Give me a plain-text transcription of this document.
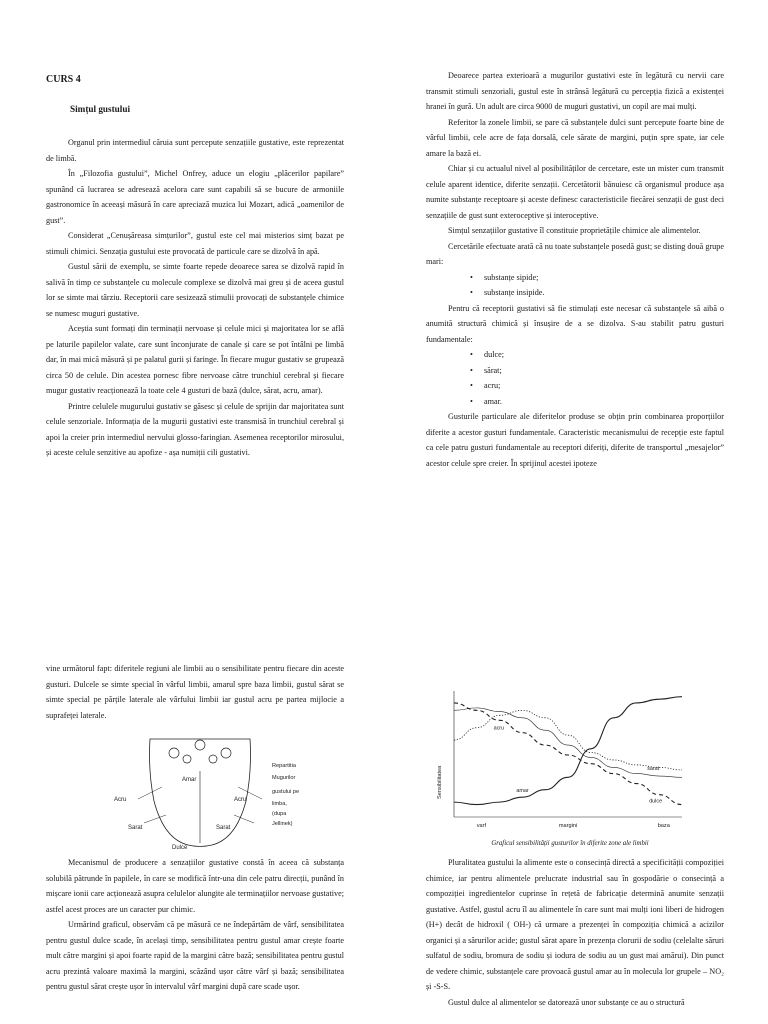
CURS 4
Simțul gustului

Organul prin intermediul căruia sunt percepute senzațiile gustative, este reprezentat de limbă.

În „Filozofia gustului”, Michel Onfrey, aduce un elogiu „plăcerilor papilare” spunând că lucrarea se adresează acelora care sunt capabili să se bucure de armoniile gastronomice în aceeași măsură în care apreciază muzica lui Mozart, adică „oamenilor de gust”.

Considerat „Cenușăreasa simțurilor”, gustul este cel mai misterios simț bazat pe stimuli chimici. Senzația gustului este provocată de particule care se dizolvă în apă.

Gustul sării de exemplu, se simte foarte repede deoarece sarea se dizolvă rapid în salivă în timp ce substanțele cu molecule complexe se dizolvă mai greu și de aceea gustul lor se simte mai târziu. Receptorii care sesizează stimulii provocați de substanțele chimice se numesc muguri gustative.

Aceștia sunt formați din terminații nervoase și celule mici și majoritatea lor se află pe laturile papilelor valate, care sunt înconjurate de canale și care se pot întâlni pe limbă dar, în mai mică măsură și pe palatul gurii și faringe. În fiecare mugur gustativ se grupează circa 50 de celule. Din acestea pornesc fibre nervoase către trunchiul cerebral și fiecare mugur gustativ reacționează la toate cele 4 gusturi de bază (dulce, sărat, acru, amar).

Printre celulele mugurului gustativ se găsesc și celule de sprijin dar majoritatea sunt celule senzoriale. Informația de la mugurii gustativi este transmisă în trunchiul cerebral și apoi la creier prin intermediul nervului glosso-faringian. Asemenea receptorilor mirosului, și aceste celule senzitive au apofize - așa numiții cili gustativi.

Deoarece partea exterioară a mugurilor gustativi este în legătură cu nervii care transmit stimuli senzoriali, gustul este în strânsă legătură cu percepția fizică a existenței hranei în gură. Un adult are circa 9000 de muguri gustativi, un copil are mai mulți.

Referitor la zonele limbii, se pare că substanțele dulci sunt percepute foarte bine de vârful limbii, cele acre de fața dorsală, cele sărate de margini, puțin spre spate, iar cele amare la bază ei.

Chiar și cu actualul nivel al posibilităților de cercetare, este un mister cum transmit celule aparent identice, diferite senzații. Cercetătorii bănuiesc că organismul produce așa numite substanțe receptoare și aceste definesc caracteristicile fiecărei senzații de gust deci senzațiile de gust sunt exteroceptive și interoceptive.

Simțul senzațiilor gustative îl constituie proprietățile chimice ale alimentelor.

Cercetările efectuate arată că nu toate substanțele posedă gust; se disting două grupe mari:

• substanțe sipide;
• substanțe insipide.

Pentru că receptorii gustativi să fie stimulați este necesar că substanțele să aibă o anumită structură chimică și însușire de a se dizolva. S-au stabilit patru gusturi fundamentale:

• dulce;
• sărat;
• acru;
• amar.

Gusturile particulare ale diferitelor produse se obțin prin combinarea proporțiilor diferite a acestor gusturi fundamentale. Caracteristic mecanismului de recepție este faptul ca cele patru gusturi fundamentale au receptori diferiți, diferite de transportul „mesajelor” acestor celule spre creier. În sprijinul acestei ipoteze

vine următorul fapt: diferitele regiuni ale limbii au o sensibilitate pentru fiecare din aceste gusturi. Dulcele se simte special în vârful limbii, amarul spre baza limbii, gustul sărat se simte special pe părțile laterale ale vârfului limbii iar gustul acru pe partea mijlocie a suprafeței laterale.

Amar
Acru	Acru
Sarat	Sarat
Dulce
Repartitia
Mugurilor
gustului pe
limba,
(dupa
Jellinek)

Mecanismul de producere a senzațiilor gustative constă în aceea că substanța solubilă pătrunde în papilele, în care se modifică într-una din cele patru direcții, punând în mișcare ionii care acționează asupra celulelor alungite ale terminațiilor nervoase gustative; astfel acest proces are un caracter pur chimic.

Urmărind graficul, observăm că pe măsură ce ne îndepărtăm de vârf, sensibilitatea pentru gustul dulce scade, în același timp, sensibilitatea pentru gustul amar crește foarte mult către margini și apoi foarte rapid de la margini către bază; sensibilitatea pentru gustul acru prezintă valoare maximă la margini, scăzând ușor către vârf și bază; sensibilitatea pentru gustul sărat crește ușor în intervalul vârf margini după care scade ușor.

Sensibilitatea	amar
dulce
acru
sarat
varf	margini	baza
Graficul sensibilității gusturilor în diferite zone ale limbii

Pluralitatea gustului la alimente este o consecință directă a specificității compoziției chimice, iar pentru alimentele prelucrate industrial sau în gospodărie o consecință a compoziției ingredientelor cuprinse în rețetă de fabricație determină anumite senzații gustative. Astfel, gustul acru îl au alimentele în care sunt mai mulți ioni liberi de hidrogen (H+) decât de hidroxil ( OH-) că urmare a prezenței în compoziția chimică a acizilor organici și a sărurilor acide; gustul sărat apare în prezența clorurii de sodiu (celelalte săruri sulfatul de sodiu, bromura de sodiu și iodura de sodiu au un gust mai amărui). Din punct de vedere chimic, substanțele care provoacă gustul amar au în molecula lor grupele – NO₂ și -S-S.

Gustul dulce al alimentelor se datorează unor substanțe ce au o structură
